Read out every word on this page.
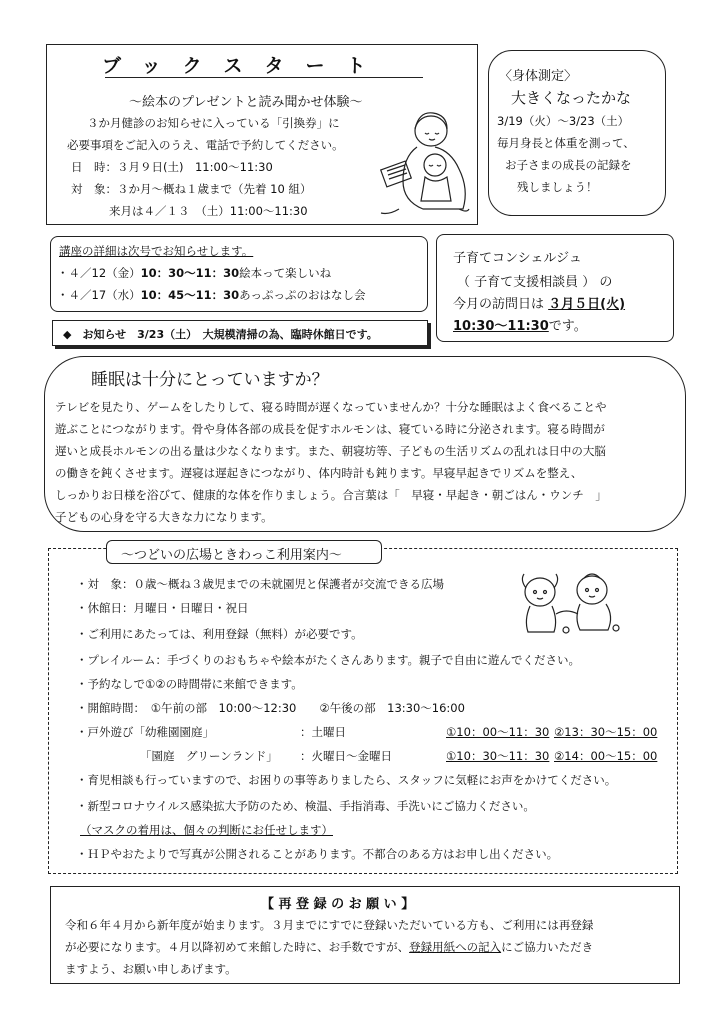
ブックスタート
〜絵本のプレゼントと読み聞かせ体験〜
３か月健診のお知らせに入っている「引換券」に
必要事項をご記入のうえ、電話で予約してください。
日　時：３月９日(土)　11:00〜11:30
対　象：３か月〜概ね１歳まで（先着 10 組）
来月は４／１３　（土）11:00〜11:30
〈身体測定〉
大きくなったかな
3/19（火）〜3/23（土）
毎月身長と体重を測って、
お子さまの成長の記録を
残しましょう！
講座の詳細は次号でお知らせします。
・４／12（金）10：30〜11：30絵本って楽しいね
・４／17（水）10：45〜11：30あっぷっぷのおはなし会
◆　お知らせ　3/23（土）　大規模清掃の為、臨時休館日です。
子育てコンシェルジュ
（ 子育て支援相談員 ） の
今月の訪問日は ３月５日(火)
10:30〜11:30です。
睡眠は十分にとっていますか？
テレビを見たり、ゲームをしたりして、寝る時間が遅くなっていませんか？十分な睡眠はよく食べることや
遊ぶことにつながります。骨や身体各部の成長を促すホルモンは、寝ている時に分泌されます。寝る時間が
遅いと成長ホルモンの出る量は少なくなります。また、朝寝坊等、子どもの生活リズムの乱れは日中の大脳
の働きを鈍くさせます。遅寝は遅起きにつながり、体内時計も鈍ります。早寝早起きでリズムを整え、
しっかりお日様を浴びて、健康的な体を作りましょう。合言葉は「　早寝・早起き・朝ごはん・ウンチ　」
子どもの心身を守る大きな力になります。
〜つどいの広場ときわっこ利用案内〜
・対　象：０歳〜概ね３歳児までの未就園児と保護者が交流できる広場
・休館日：月曜日・日曜日・祝日
・ご利用にあたっては、利用登録（無料）が必要です。
・プレイルーム：手づくりのおもちゃや絵本がたくさんあります。親子で自由に遊んでください。
・予約なしで①②の時間帯に来館できます。
・開館時間：　①午前の部　10:00〜12:30　　②午後の部　13:30〜16:00
・戸外遊び「幼稚園園庭」	：土曜日	①10：00〜11：30 ②13：30〜15：00
「園庭　グリーンランド」 ：火曜日〜金曜日	①10：30〜11：30 ②14：00〜15：00
・育児相談も行っていますので、お困りの事等ありましたら、スタッフに気軽にお声をかけてください。
・新型コロナウイルス感染拡大予防のため、検温、手指消毒、手洗いにご協力ください。
（マスクの着用は、個々の判断にお任せします）
・ＨＰやおたよりで写真が公開されることがあります。不都合のある方はお申し出ください。
【 再 登 録 の お 願 い 】
令和６年４月から新年度が始まります。３月までにすでに登録いただいている方も、ご利用には再登録
が必要になります。４月以降初めて来館した時に、お手数ですが、登録用紙への記入にご協力いただき
ますよう、お願い申しあげます。
